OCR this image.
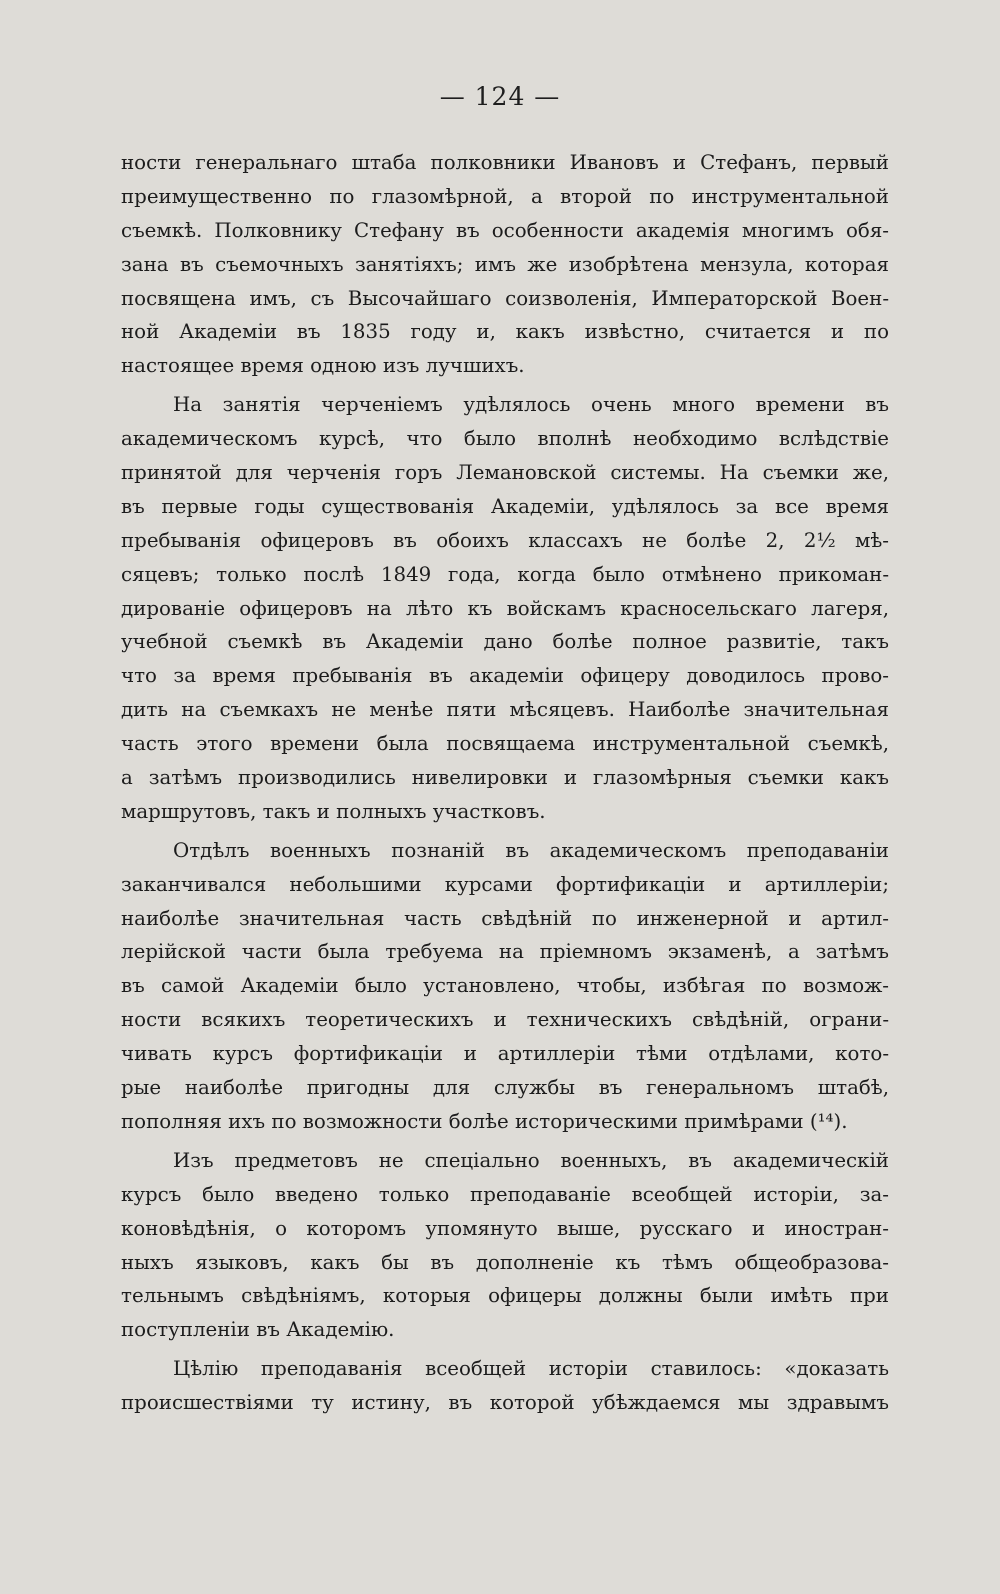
— 124 —
ности генеральнаго штаба полковники Ивановъ и Стефанъ, первый
преимущественно по глазомѣрной, а второй по инструментальной
съемкѣ. Полковнику Стефану въ особенности академія многимъ обя-
зана въ съемочныхъ занятіяхъ; имъ же изобрѣтена мензула, которая
посвящена имъ, съ Высочайшаго соизволенія, Императорской Воен-
ной Академіи въ 1835 году и, какъ извѣстно, считается и по
настоящее время одною изъ лучшихъ.
На занятія черченіемъ удѣлялось очень много времени въ
академическомъ курсѣ, что было вполнѣ необходимо вслѣдствіе
принятой для черченія горъ Лемановской системы. На съемки же,
въ первые годы существованія Академіи, удѣлялось за все время
пребыванія офицеровъ въ обоихъ классахъ не болѣе 2, 2½ мѣ-
сяцевъ; только послѣ 1849 года, когда было отмѣнено прикоман-
дированіе офицеровъ на лѣто къ войскамъ красносельскаго лагеря,
учебной съемкѣ въ Академіи дано болѣе полное развитіе, такъ
что за время пребыванія въ академіи офицеру доводилось прово-
дить на съемкахъ не менѣе пяти мѣсяцевъ. Наиболѣе значительная
часть этого времени была посвящаема инструментальной съемкѣ,
а затѣмъ производились нивелировки и глазомѣрныя съемки какъ
маршрутовъ, такъ и полныхъ участковъ.
Отдѣлъ военныхъ познаній въ академическомъ преподаваніи
заканчивался небольшими курсами фортификаціи и артиллеріи;
наиболѣе значительная часть свѣдѣній по инженерной и артил-
лерійской части была требуема на пріемномъ экзаменѣ, а затѣмъ
въ самой Академіи было установлено, чтобы, избѣгая по возмож-
ности всякихъ теоретическихъ и техническихъ свѣдѣній, ограни-
чивать курсъ фортификаціи и артиллеріи тѣми отдѣлами, кото-
рые наиболѣе пригодны для службы въ генеральномъ штабѣ,
пополняя ихъ по возможности болѣе историческими примѣрами (¹⁴).
Изъ предметовъ не спеціально военныхъ, въ академическій
курсъ было введено только преподаваніе всеобщей исторіи, за-
коновѣдѣнія, о которомъ упомянуто выше, русскаго и иностран-
ныхъ языковъ, какъ бы въ дополненіе къ тѣмъ общеобразова-
тельнымъ свѣдѣніямъ, которыя офицеры должны были имѣть при
поступленіи въ Академію.
Цѣлію преподаванія всеобщей исторіи ставилось: «доказать
происшествіями ту истину, въ которой убѣждаемся мы здравымъ
